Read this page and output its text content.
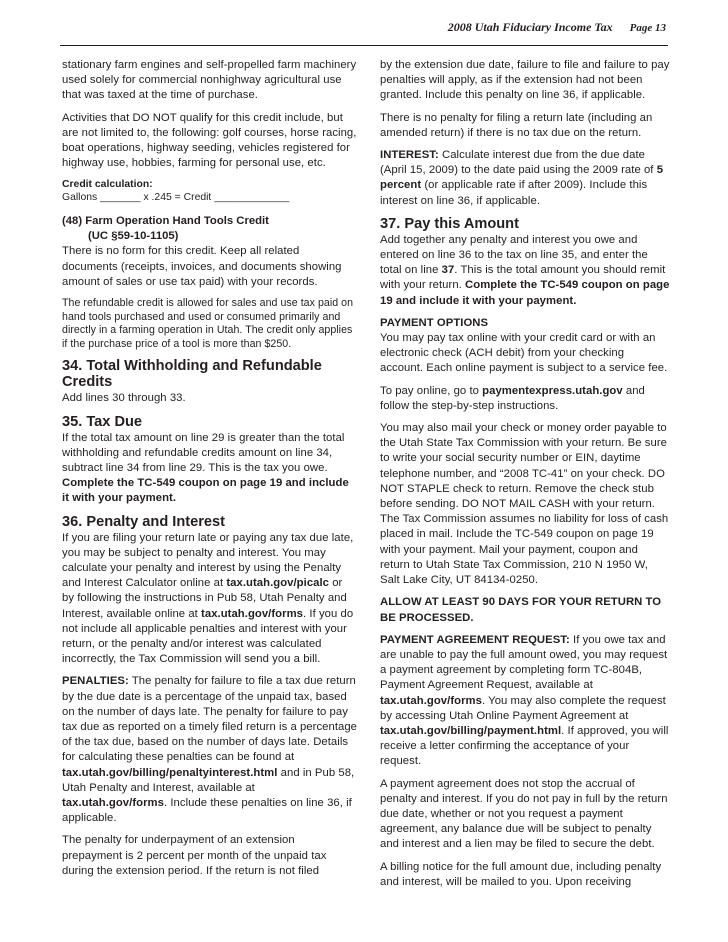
2008 Utah Fiduciary Income Tax Page 13

stationary farm engines and self-propelled farm machinery used solely for commercial nonhighway agricultural use that was taxed at the time of purchase.

Activities that DO NOT qualify for this credit include, but are not limited to, the following: golf courses, horse racing, boat operations, highway seeding, vehicles registered for highway use, hobbies, farming for personal use, etc.

Credit calculation:
Gallons _______ x .245 = Credit _____________
(48) Farm Operation Hand Tools Credit
(UC §59-10-1105)

There is no form for this credit. Keep all related documents (receipts, invoices, and documents showing amount of sales or use tax paid) with your records.

The refundable credit is allowed for sales and use tax paid on hand tools purchased and used or consumed primarily and directly in a farming operation in Utah. The credit only applies if the purchase price of a tool is more than $250.

34. Total Withholding and Refundable Credits

Add lines 30 through 33.

35. Tax Due

If the total tax amount on line 29 is greater than the total withholding and refundable credits amount on line 34, subtract line 34 from line 29. This is the tax you owe. Complete the TC-549 coupon on page 19 and include it with your payment.

36. Penalty and Interest

If you are filing your return late or paying any tax due late, you may be subject to penalty and interest. You may calculate your penalty and interest by using the Penalty and Interest Calculator online at tax.utah.gov/picalc or by following the instructions in Pub 58, Utah Penalty and Interest, available online at tax.utah.gov/forms. If you do not include all applicable penalties and interest with your return, or the penalty and/or interest was calculated incorrectly, the Tax Commission will send you a bill.

PENALTIES: The penalty for failure to file a tax due return by the due date is a percentage of the unpaid tax, based on the number of days late. The penalty for failure to pay tax due as reported on a timely filed return is a percentage of the tax due, based on the number of days late. Details for calculating these penalties can be found at tax.utah.gov/billing/penaltyinterest.html and in Pub 58, Utah Penalty and Interest, available at tax.utah.gov/forms. Include these penalties on line 36, if applicable.

The penalty for underpayment of an extension prepayment is 2 percent per month of the unpaid tax during the extension period. If the return is not filed

by the extension due date, failure to file and failure to pay penalties will apply, as if the extension had not been granted. Include this penalty on line 36, if applicable.

There is no penalty for filing a return late (including an amended return) if there is no tax due on the return.

INTEREST: Calculate interest due from the due date (April 15, 2009) to the date paid using the 2009 rate of 5 percent (or applicable rate if after 2009). Include this interest on line 36, if applicable.

37. Pay this Amount

Add together any penalty and interest you owe and entered on line 36 to the tax on line 35, and enter the total on line 37. This is the total amount you should remit with your return. Complete the TC-549 coupon on page 19 and include it with your payment.

PAYMENT OPTIONS
You may pay tax online with your credit card or with an electronic check (ACH debit) from your checking account. Each online payment is subject to a service fee.

To pay online, go to paymentexpress.utah.gov and follow the step-by-step instructions.

You may also mail your check or money order payable to the Utah State Tax Commission with your return. Be sure to write your social security number or EIN, daytime telephone number, and “2008 TC-41” on your check. DO NOT STAPLE check to return. Remove the check stub before sending. DO NOT MAIL CASH with your return. The Tax Commission assumes no liability for loss of cash placed in mail. Include the TC-549 coupon on page 19 with your payment. Mail your payment, coupon and return to Utah State Tax Commission, 210 N 1950 W, Salt Lake City, UT 84134-0250.

ALLOW AT LEAST 90 DAYS FOR YOUR RETURN TO BE PROCESSED.

PAYMENT AGREEMENT REQUEST: If you owe tax and are unable to pay the full amount owed, you may request a payment agreement by completing form TC-804B, Payment Agreement Request, available at tax.utah.gov/forms. You may also complete the request by accessing Utah Online Payment Agreement at tax.utah.gov/billing/payment.html. If approved, you will receive a letter confirming the acceptance of your request.

A payment agreement does not stop the accrual of penalty and interest. If you do not pay in full by the return due date, whether or not you request a payment agreement, any balance due will be subject to penalty and interest and a lien may be filed to secure the debt.

A billing notice for the full amount due, including penalty and interest, will be mailed to you. Upon receiving
